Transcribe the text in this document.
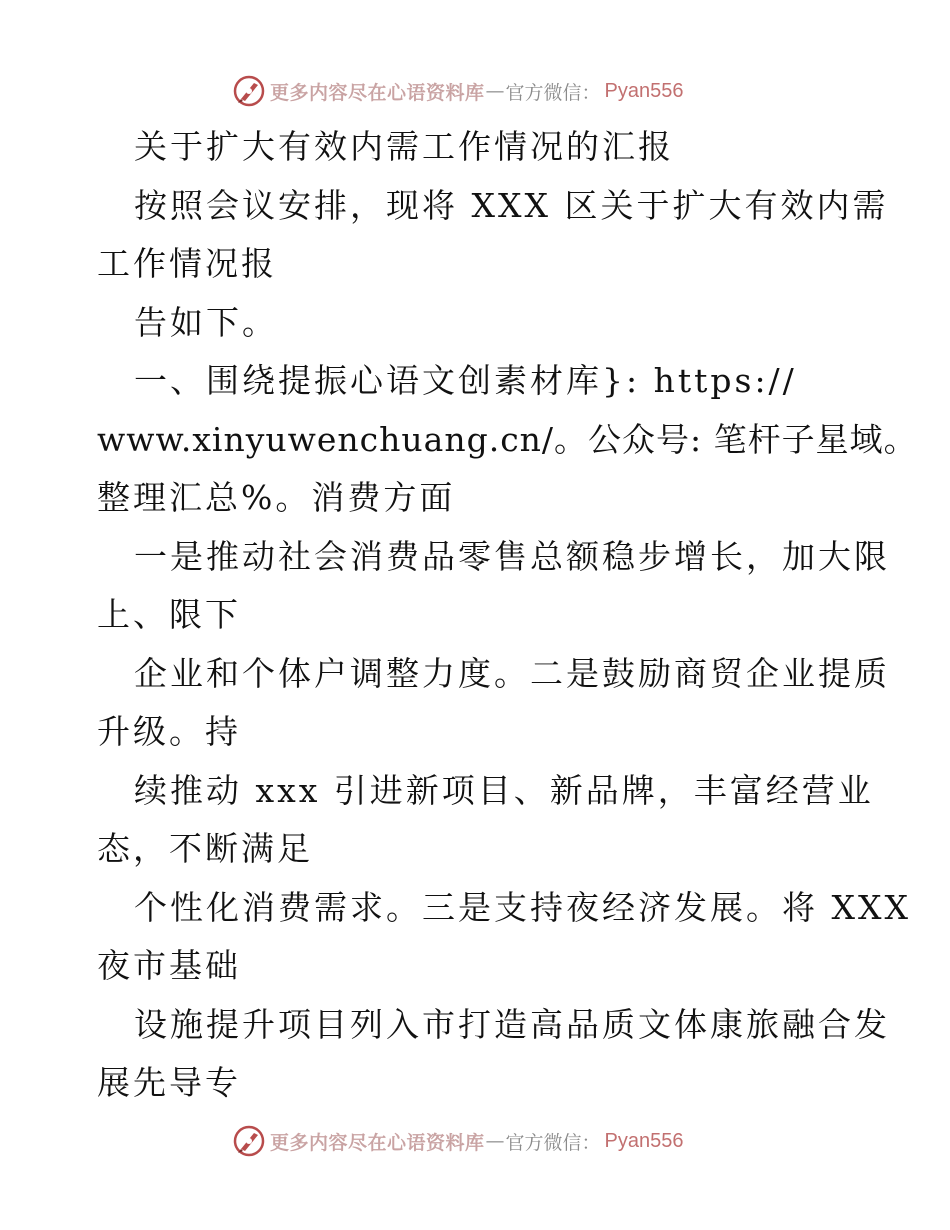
更多内容尽在心语资料库 — 官方微信： Pyan556
关于扩大有效内需工作情况的汇报
按照会议安排，现将 XXX 区关于扩大有效内需
工作情况报
告如下。
一、围绕提振心语文创素材库}: https://
www.xinyuwenchuang.cn/。公众号: 笔杆子星域。
整理汇总%。消费方面
一是推动社会消费品零售总额稳步增长，加大限
上、限下
企业和个体户调整力度。二是鼓励商贸企业提质
升级。持
续推动 xxx 引进新项目、新品牌，丰富经营业
态，不断满足
个性化消费需求。三是支持夜经济发展。将 XXX
夜市基础
设施提升项目列入市打造高品质文体康旅融合发
展先导专
更多内容尽在心语资料库 — 官方微信： Pyan556
